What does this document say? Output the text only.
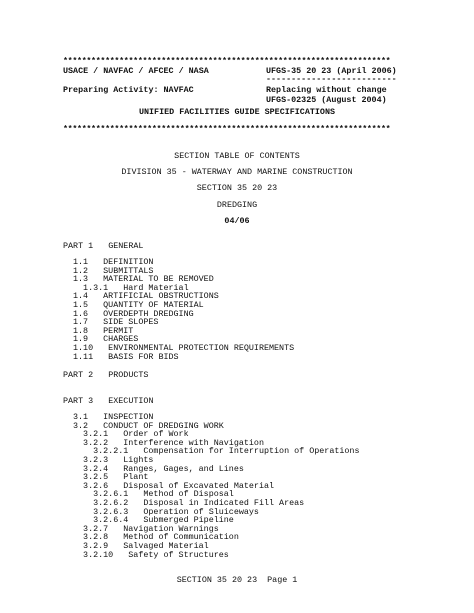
**********************************************************************
USACE / NAVFAC / AFCEC / NASA	UFGS-35 20 23 (April 2006)
--------------------------
Preparing Activity: NAVFAC	Replacing without change
UFGS-02325 (August 2004)
UNIFIED FACILITIES GUIDE SPECIFICATIONS
**********************************************************************
SECTION TABLE OF CONTENTS
DIVISION 35 - WATERWAY AND MARINE CONSTRUCTION
SECTION 35 20 23
DREDGING
04/06
PART 1   GENERAL
1.1   DEFINITION
1.2   SUBMITTALS
1.3   MATERIAL TO BE REMOVED
1.3.1   Hard Material
1.4   ARTIFICIAL OBSTRUCTIONS
1.5   QUANTITY OF MATERIAL
1.6   OVERDEPTH DREDGING
1.7   SIDE SLOPES
1.8   PERMIT
1.9   CHARGES
1.10   ENVIRONMENTAL PROTECTION REQUIREMENTS
1.11   BASIS FOR BIDS
PART 2   PRODUCTS
PART 3   EXECUTION
3.1   INSPECTION
3.2   CONDUCT OF DREDGING WORK
3.2.1   Order of Work
3.2.2   Interference with Navigation
3.2.2.1   Compensation for Interruption of Operations
3.2.3   Lights
3.2.4   Ranges, Gages, and Lines
3.2.5   Plant
3.2.6   Disposal of Excavated Material
3.2.6.1   Method of Disposal
3.2.6.2   Disposal in Indicated Fill Areas
3.2.6.3   Operation of Sluiceways
3.2.6.4   Submerged Pipeline
3.2.7   Navigation Warnings
3.2.8   Method of Communication
3.2.9   Salvaged Material
3.2.10   Safety of Structures
SECTION 35 20 23  Page 1
